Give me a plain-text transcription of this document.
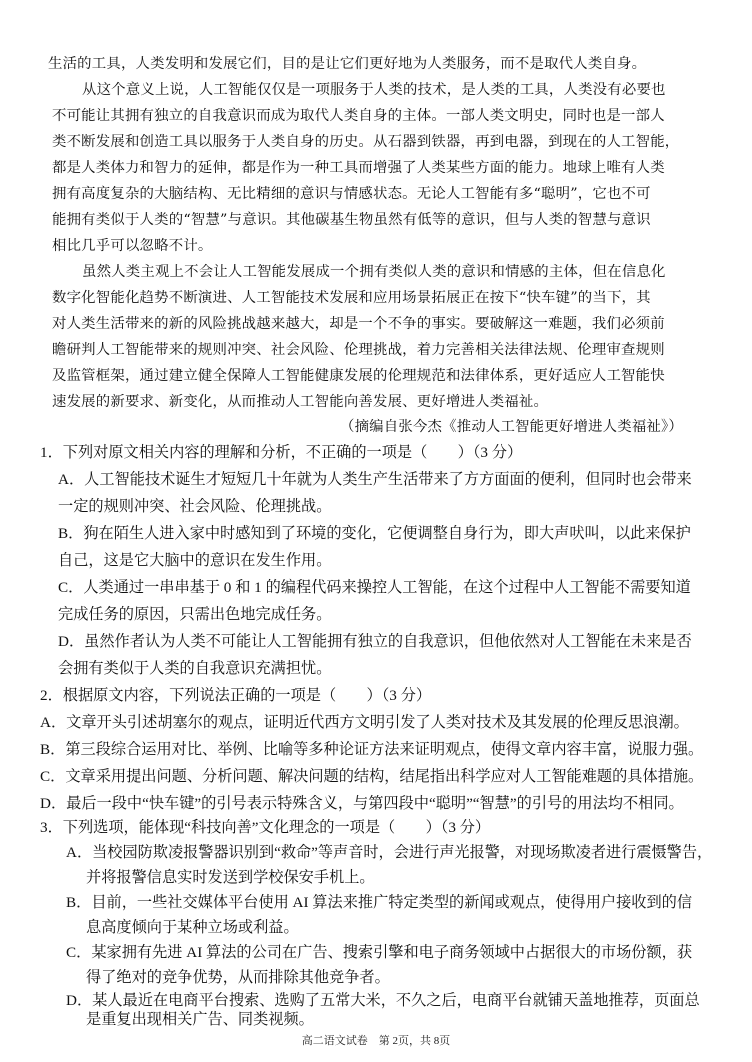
生活的工具，人类发明和发展它们，目的是让它们更好地为人类服务，而不是取代人类自身。
从这个意义上说，人工智能仅仅是一项服务于人类的技术，是人类的工具，人类没有必要也
不可能让其拥有独立的自我意识而成为取代人类自身的主体。一部人类文明史，同时也是一部人
类不断发展和创造工具以服务于人类自身的历史。从石器到铁器，再到电器，到现在的人工智能，
都是人类体力和智力的延伸，都是作为一种工具而增强了人类某些方面的能力。地球上唯有人类
拥有高度复杂的大脑结构、无比精细的意识与情感状态。无论人工智能有多“聪明”，它也不可
能拥有类似于人类的“智慧”与意识。其他碳基生物虽然有低等的意识，但与人类的智慧与意识
相比几乎可以忽略不计。
虽然人类主观上不会让人工智能发展成一个拥有类似人类的意识和情感的主体，但在信息化
数字化智能化趋势不断演进、人工智能技术发展和应用场景拓展正在按下“快车键”的当下，其
对人类生活带来的新的风险挑战越来越大，却是一个不争的事实。要破解这一难题，我们必须前
瞻研判人工智能带来的规则冲突、社会风险、伦理挑战，着力完善相关法律法规、伦理审查规则
及监管框架，通过建立健全保障人工智能健康发展的伦理规范和法律体系，更好适应人工智能快
速发展的新要求、新变化，从而推动人工智能向善发展、更好增进人类福祉。
（摘编自张今杰《推动人工智能更好增进人类福祉》）
1．下列对原文相关内容的理解和分析，不正确的一项是（　　）（3 分）
A．人工智能技术诞生才短短几十年就为人类生产生活带来了方方面面的便利，但同时也会带来
一定的规则冲突、社会风险、伦理挑战。
B．狗在陌生人进入家中时感知到了环境的变化，它便调整自身行为，即大声吠叫，以此来保护
自己，这是它大脑中的意识在发生作用。
C．人类通过一串串基于 0 和 1 的编程代码来操控人工智能，在这个过程中人工智能不需要知道
完成任务的原因，只需出色地完成任务。
D．虽然作者认为人类不可能让人工智能拥有独立的自我意识，但他依然对人工智能在未来是否
会拥有类似于人类的自我意识充满担忧。
2．根据原文内容，下列说法正确的一项是（　　）（3 分）
A．文章开头引述胡塞尔的观点，证明近代西方文明引发了人类对技术及其发展的伦理反思浪潮。
B．第三段综合运用对比、举例、比喻等多种论证方法来证明观点，使得文章内容丰富，说服力强。
C．文章采用提出问题、分析问题、解决问题的结构，结尾指出科学应对人工智能难题的具体措施。
D．最后一段中“快车键”的引号表示特殊含义，与第四段中“聪明”“智慧”的引号的用法均不相同。
3．下列选项，能体现“科技向善”文化理念的一项是（　　）（3 分）
A．当校园防欺凌报警器识别到“救命”等声音时，会进行声光报警，对现场欺凌者进行震慑警告，
并将报警信息实时发送到学校保安手机上。
B．目前，一些社交媒体平台使用 AI 算法来推广特定类型的新闻或观点，使得用户接收到的信
息高度倾向于某种立场或利益。
C．某家拥有先进 AI 算法的公司在广告、搜索引擎和电子商务领域中占据很大的市场份额，获
得了绝对的竞争优势，从而排除其他竞争者。
D．某人最近在电商平台搜索、选购了五常大米，不久之后，电商平台就铺天盖地推荐，页面总
高二语文试卷　第 2页，共 8页
是重复出现相关广告、同类视频。
